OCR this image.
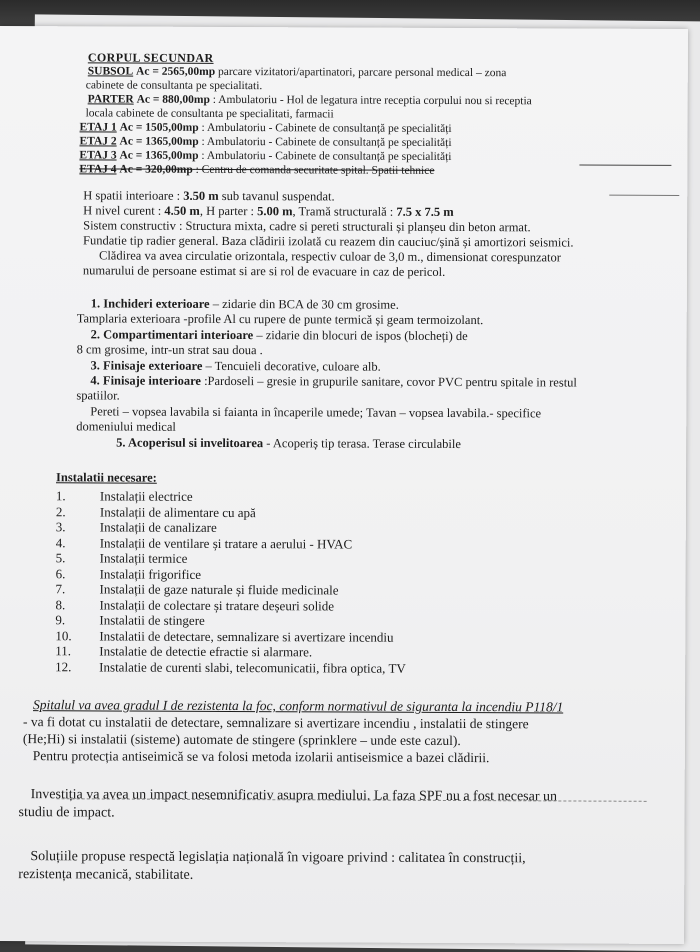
CORPUL SECUNDAR
SUBSOL Ac = 2565,00mp parcare vizitatori/apartinatori, parcare personal medical – zona
cabinete de consultanta pe specialitati.
PARTER Ac = 880,00mp : Ambulatoriu - Hol de legatura intre receptia corpului nou si receptia
locala cabinete de consultanta pe specialitati, farmacii
ETAJ 1 Ac = 1505,00mp : Ambulatoriu - Cabinete de consultanță pe specialități
ETAJ 2 Ac = 1365,00mp : Ambulatoriu - Cabinete de consultanță pe specialități
ETAJ 3 Ac = 1365,00mp : Ambulatoriu - Cabinete de consultanță pe specialități
ETAJ 4 Ac = 320,00mp : Centru de comanda securitate spital. Spatii tehnice
H spatii interioare : 3.50 m sub tavanul suspendat.
H nivel curent : 4.50 m, H parter : 5.00 m, Tramă structurală : 7.5 x 7.5 m
Sistem constructiv : Structura mixta, cadre si pereti structurali și planșeu din beton armat.
Fundatie tip radier general. Baza clădirii izolată cu reazem din cauciuc/șină și amortizori seismici.
Clădirea va avea circulatie orizontala, respectiv culoar de 3,0 m., dimensionat corespunzator
numarului de persoane estimat si are si rol de evacuare in caz de pericol.
1. Inchideri exterioare – zidarie din BCA de 30 cm grosime.
Tamplaria exterioara -profile Al cu rupere de punte termică și geam termoizolant.
2. Compartimentari interioare – zidarie din blocuri de ispos (blocheți) de
8 cm grosime, intr-un strat sau doua .
3. Finisaje exterioare – Tencuieli decorative, culoare alb.
4. Finisaje interioare :Pardoseli – gresie in grupurile sanitare, covor PVC pentru spitale in restul
spatiilor.
Pereti – vopsea lavabila si faianta in încaperile umede; Tavan – vopsea lavabila.- specifice
domeniului medical
5. Acoperisul si invelitoarea - Acoperiș tip terasa. Terase circulabile
Instalatii necesare:
1.	Instalații electrice
2.	Instalații de alimentare cu apă
3.	Instalații de canalizare
4.	Instalații de ventilare și tratare a aerului - HVAC
5.	Instalații termice
6.	Instalații frigorifice
7.	Instalații de gaze naturale și fluide medicinale
8.	Instalații de colectare și tratare deșeuri solide
9.	Instalatii de stingere
10.	Instalatii de detectare, semnalizare si avertizare incendiu
11.	Instalatie de detectie efractie si alarmare.
12.	Instalatie de curenti slabi, telecomunicatii, fibra optica, TV
Spitalul va avea gradul I de rezistenta la foc, conform normativul de siguranta la incendiu P118/1
- va fi dotat cu instalatii de detectare, semnalizare si avertizare incendiu , instalatii de stingere
(He;Hi) si instalatii (sisteme) automate de stingere (sprinklere – unde este cazul).
Pentru protecția antiseimică se va folosi metoda izolarii antiseismice a bazei clădirii.
Investiția va avea un impact nesemnificativ asupra mediului. La faza SPF nu a fost necesar un
studiu de impact.
Soluțiile propuse respectă legislația națională în vigoare privind : calitatea în construcții,
rezistența mecanică, stabilitate.
